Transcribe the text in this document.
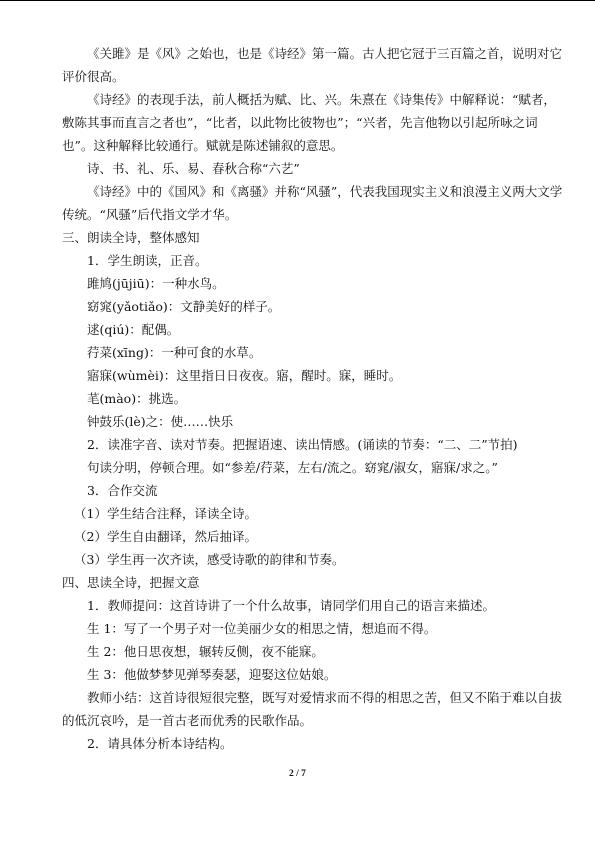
《关雎》是《风》之始也，也是《诗经》第一篇。古人把它冠于三百篇之首，说明对它
评价很高。
《诗经》的表现手法，前人概括为赋、比、兴。朱熹在《诗集传》中解释说：“赋者，
敷陈其事而直言之者也”，“比者，以此物比彼物也”；“兴者，先言他物以引起所咏之词
也”。这种解释比较通行。赋就是陈述铺叙的意思。
诗、书、礼、乐、易、春秋合称“六艺”
《诗经》中的《国风》和《离骚》并称“风骚”，代表我国现实主义和浪漫主义两大文学
传统。“风骚”后代指文学才华。
三、朗读全诗，整体感知
1．学生朗读，正音。
雎鸠(jūjiū)：一种水鸟。
窈窕(yǎotiǎo)：文静美好的样子。
逑(qiú)：配偶。
荇菜(xīng)：一种可食的水草。
寤寐(wùmèi)：这里指日日夜夜。寤，醒时。寐，睡时。
芼(mào)：挑选。
钟鼓乐(lè)之：使……快乐
2．读准字音、读对节奏。把握语速、读出情感。(诵读的节奏：“二、二”节拍)
句读分明，停顿合理。如“参差/荇菜，左右/流之。窈窕/淑女，寤寐/求之。”
3．合作交流
（1）学生结合注释，译读全诗。
（2）学生自由翻译，然后抽译。
（3）学生再一次齐读，感受诗歌的韵律和节奏。
四、思读全诗，把握文意
1．教师提问：这首诗讲了一个什么故事，请同学们用自己的语言来描述。
生 1：写了一个男子对一位美丽少女的相思之情，想追而不得。
生 2：他日思夜想，辗转反侧，夜不能寐。
生 3：他做梦梦见弹琴奏瑟，迎娶这位姑娘。
教师小结：这首诗很短很完整，既写对爱情求而不得的相思之苦，但又不陷于难以自拔
的低沉哀吟，是一首古老而优秀的民歌作品。
2．请具体分析本诗结构。
2 / 7
